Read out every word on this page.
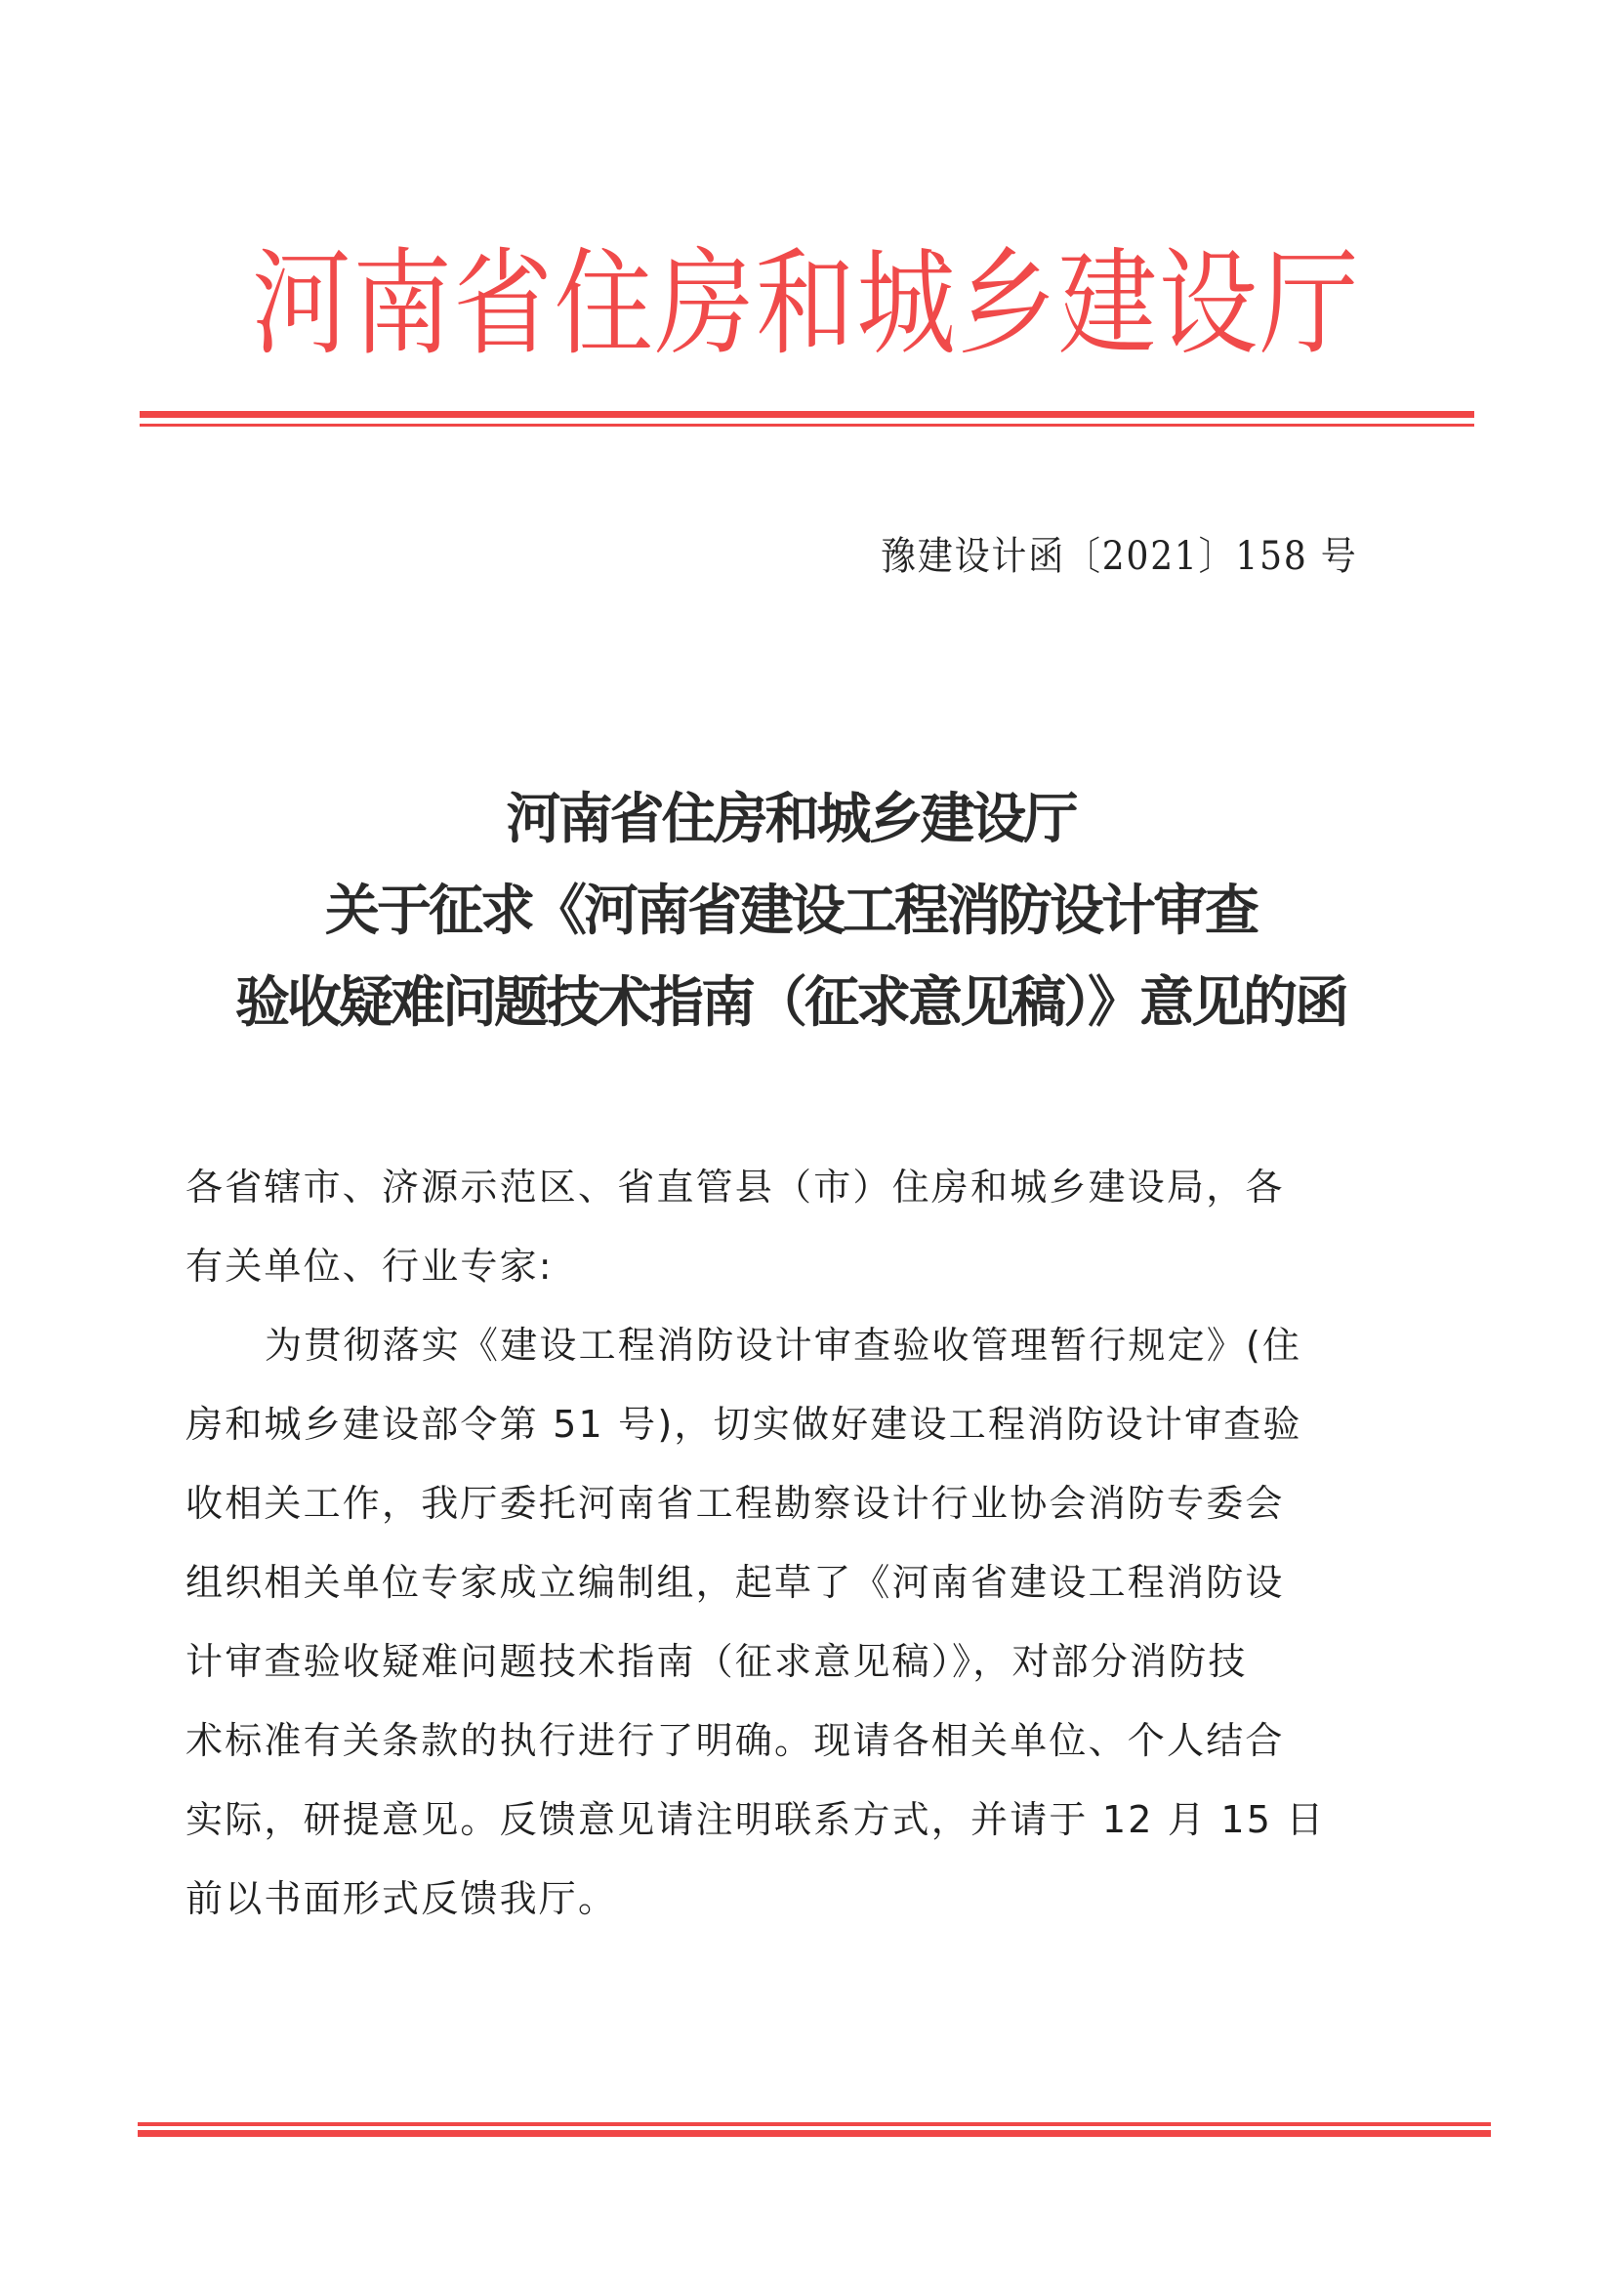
河南省住房和城乡建设厅
豫建设计函〔2021〕158 号
河南省住房和城乡建设厅
关于征求《河南省建设工程消防设计审查
验收疑难问题技术指南（征求意见稿）》意见的函

各省辖市、济源示范区、省直管县（市）住房和城乡建设局，各
有关单位、行业专家:

为贯彻落实《建设工程消防设计审查验收管理暂行规定》(住
房和城乡建设部令第 51 号)，切实做好建设工程消防设计审查验
收相关工作，我厅委托河南省工程勘察设计行业协会消防专委会
组织相关单位专家成立编制组，起草了《河南省建设工程消防设
计审查验收疑难问题技术指南（征求意见稿）》，对部分消防技
术标准有关条款的执行进行了明确。现请各相关单位、个人结合
实际，研提意见。反馈意见请注明联系方式，并请于 12 月 15 日
前以书面形式反馈我厅。
